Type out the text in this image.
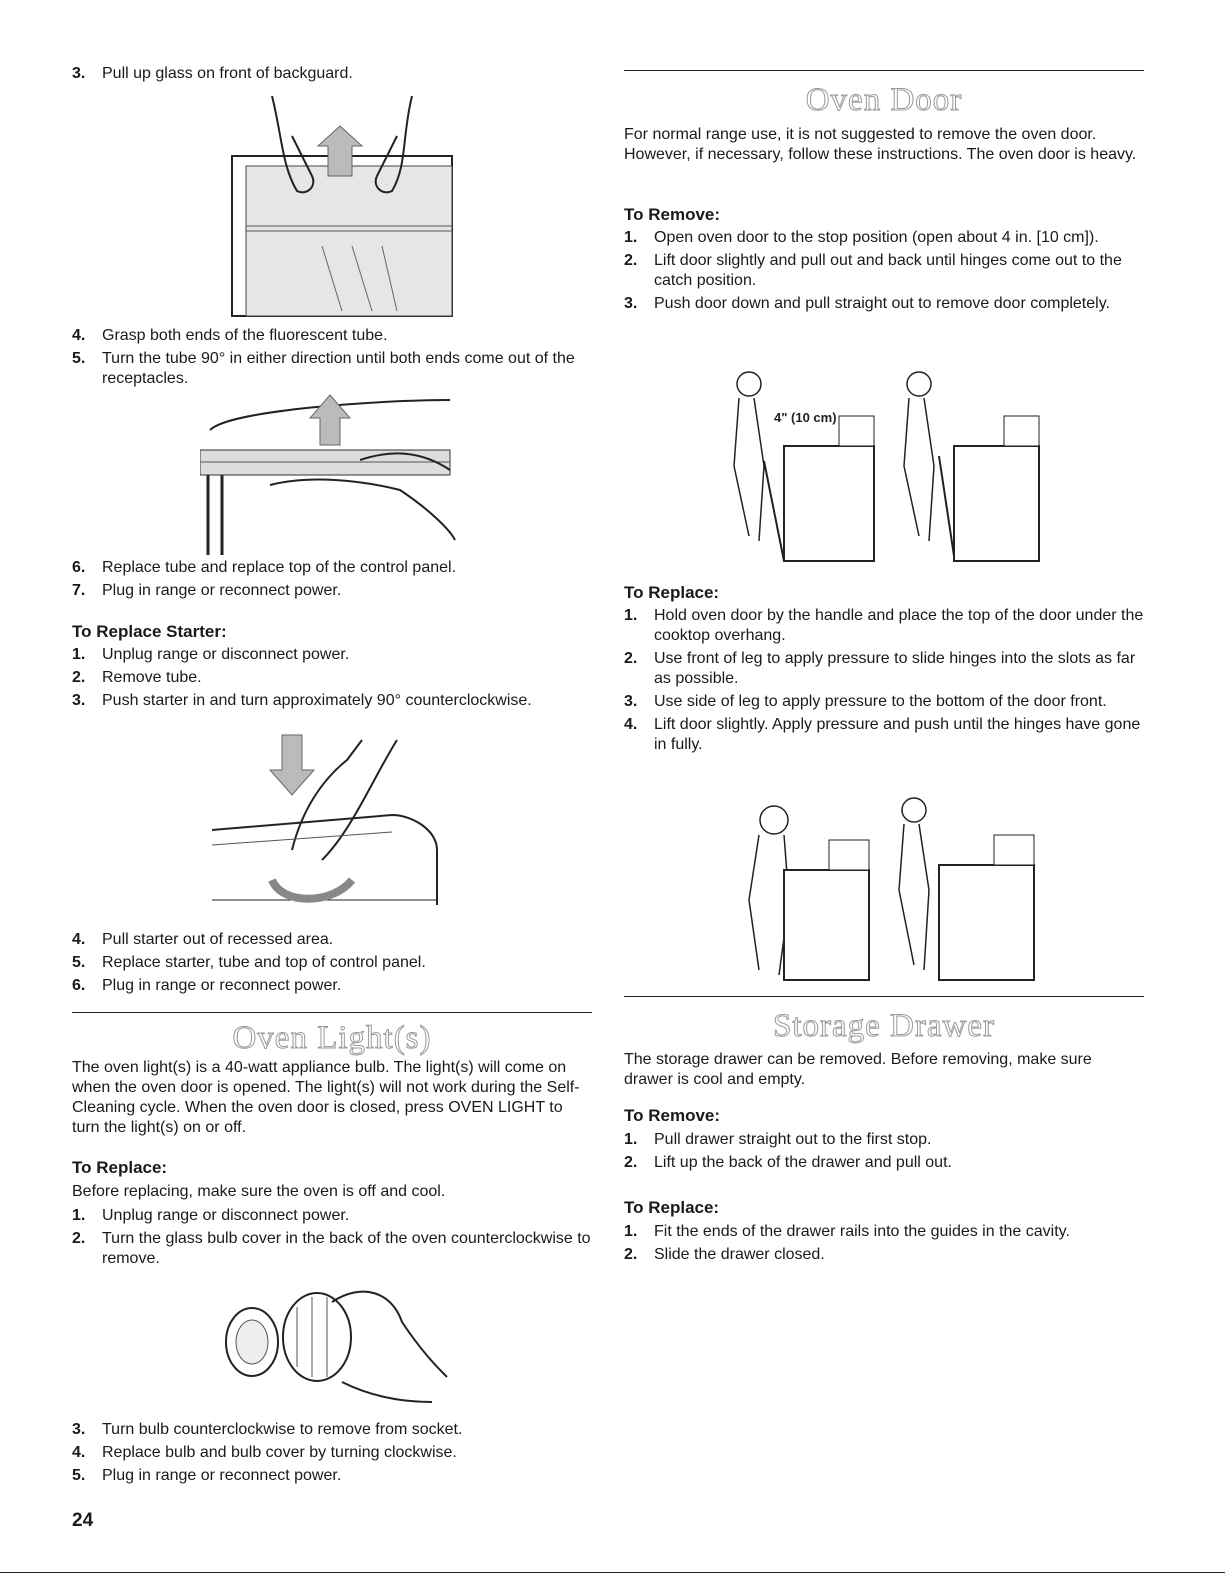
3. Pull up glass on front of backguard.
4. Grasp both ends of the fluorescent tube.
5. Turn the tube 90° in either direction until both ends come out of the receptacles.
6. Replace tube and replace top of the control panel.
7. Plug in range or reconnect power.
To Replace Starter:
1. Unplug range or disconnect power.
2. Remove tube.
3. Push starter in and turn approximately 90° counterclockwise.
4. Pull starter out of recessed area.
5. Replace starter, tube and top of control panel.
6. Plug in range or reconnect power.
Oven Light(s)

The oven light(s) is a 40-watt appliance bulb. The light(s) will come on when the oven door is opened. The light(s) will not work during the Self-Cleaning cycle. When the oven door is closed, press OVEN LIGHT to turn the light(s) on or off.

To Replace:

Before replacing, make sure the oven is off and cool.

1. Unplug range or disconnect power.
2. Turn the glass bulb cover in the back of the oven counterclockwise to remove.
3. Turn bulb counterclockwise to remove from socket.
4. Replace bulb and bulb cover by turning clockwise.
5. Plug in range or reconnect power.
Oven Door

For normal range use, it is not suggested to remove the oven door. However, if necessary, follow these instructions. The oven door is heavy.

To Remove:
1. Open oven door to the stop position (open about 4 in. [10 cm]).
2. Lift door slightly and pull out and back until hinges come out to the catch position.
3. Push door down and pull straight out to remove door completely.
4" (10 cm)
To Replace:
1. Hold oven door by the handle and place the top of the door under the cooktop overhang.
2. Use front of leg to apply pressure to slide hinges into the slots as far as possible.
3. Use side of leg to apply pressure to the bottom of the door front.
4. Lift door slightly. Apply pressure and push until the hinges have gone in fully.
Storage Drawer

The storage drawer can be removed. Before removing, make sure drawer is cool and empty.

To Remove:
1. Pull drawer straight out to the first stop.
2. Lift up the back of the drawer and pull out.
To Replace:
1. Fit the ends of the drawer rails into the guides in the cavity.
2. Slide the drawer closed.
24
